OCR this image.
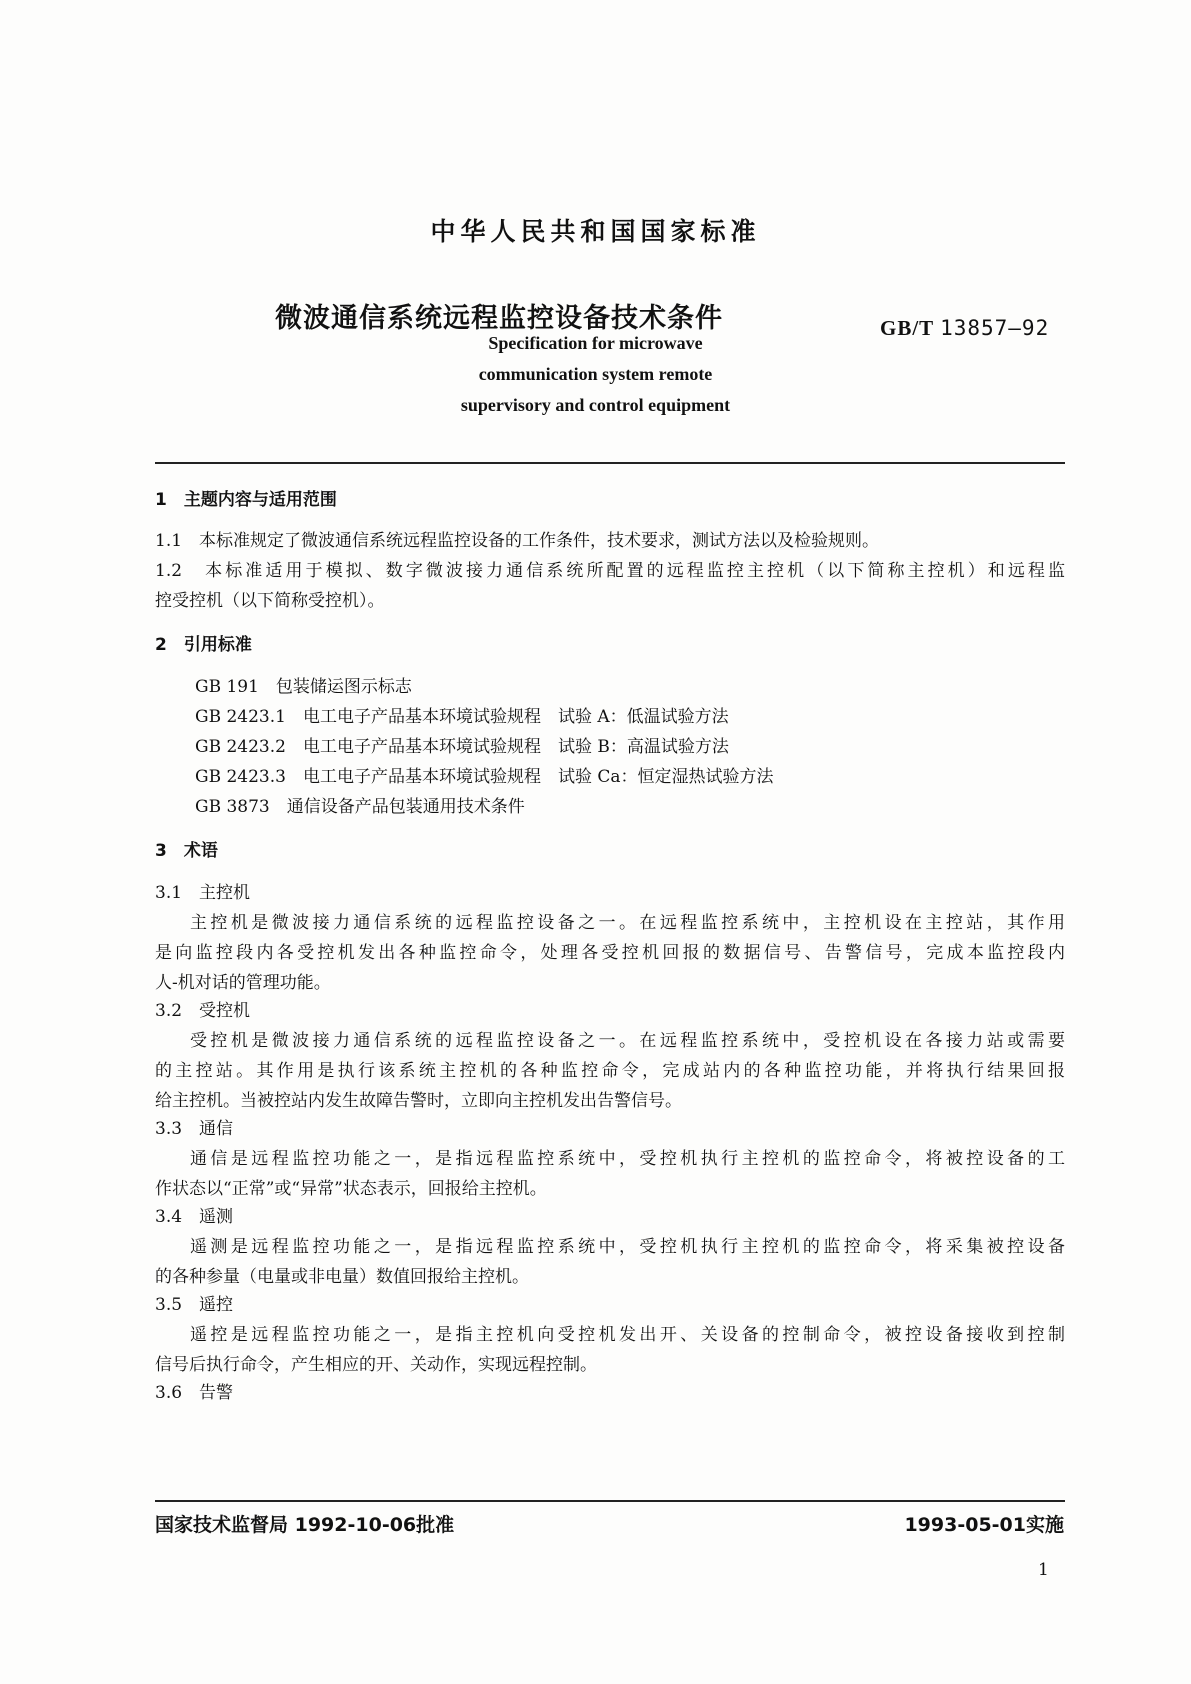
中华人民共和国国家标准
微波通信系统远程监控设备技术条件	GB/T 13857—92
Specification for microwave
communication system remote
supervisory and control equipment
1　主题内容与适用范围
1.1　本标准规定了微波通信系统远程监控设备的工作条件，技术要求，测试方法以及检验规则。
1.2　本标准适用于模拟、数字微波接力通信系统所配置的远程监控主控机（以下简称主控机）和远程监
控受控机（以下简称受控机）。
2　引用标准
GB 191　包装储运图示标志
GB 2423.1　电工电子产品基本环境试验规程　试验 A：低温试验方法
GB 2423.2　电工电子产品基本环境试验规程　试验 B：高温试验方法
GB 2423.3　电工电子产品基本环境试验规程　试验 Ca：恒定湿热试验方法
GB 3873　通信设备产品包装通用技术条件
3　术语
3.1　主控机
主控机是微波接力通信系统的远程监控设备之一。在远程监控系统中，主控机设在主控站，其作用
是向监控段内各受控机发出各种监控命令，处理各受控机回报的数据信号、告警信号，完成本监控段内
人-机对话的管理功能。
3.2　受控机
受控机是微波接力通信系统的远程监控设备之一。在远程监控系统中，受控机设在各接力站或需要
的主控站。其作用是执行该系统主控机的各种监控命令，完成站内的各种监控功能，并将执行结果回报
给主控机。当被控站内发生故障告警时，立即向主控机发出告警信号。
3.3　通信
通信是远程监控功能之一，是指远程监控系统中，受控机执行主控机的监控命令，将被控设备的工
作状态以“正常”或“异常”状态表示，回报给主控机。
3.4　遥测
遥测是远程监控功能之一，是指远程监控系统中，受控机执行主控机的监控命令，将采集被控设备
的各种参量（电量或非电量）数值回报给主控机。
3.5　遥控
遥控是远程监控功能之一，是指主控机向受控机发出开、关设备的控制命令，被控设备接收到控制
信号后执行命令，产生相应的开、关动作，实现远程控制。
3.6　告警
国家技术监督局 1992-10-06批准	1993-05-01实施
1
